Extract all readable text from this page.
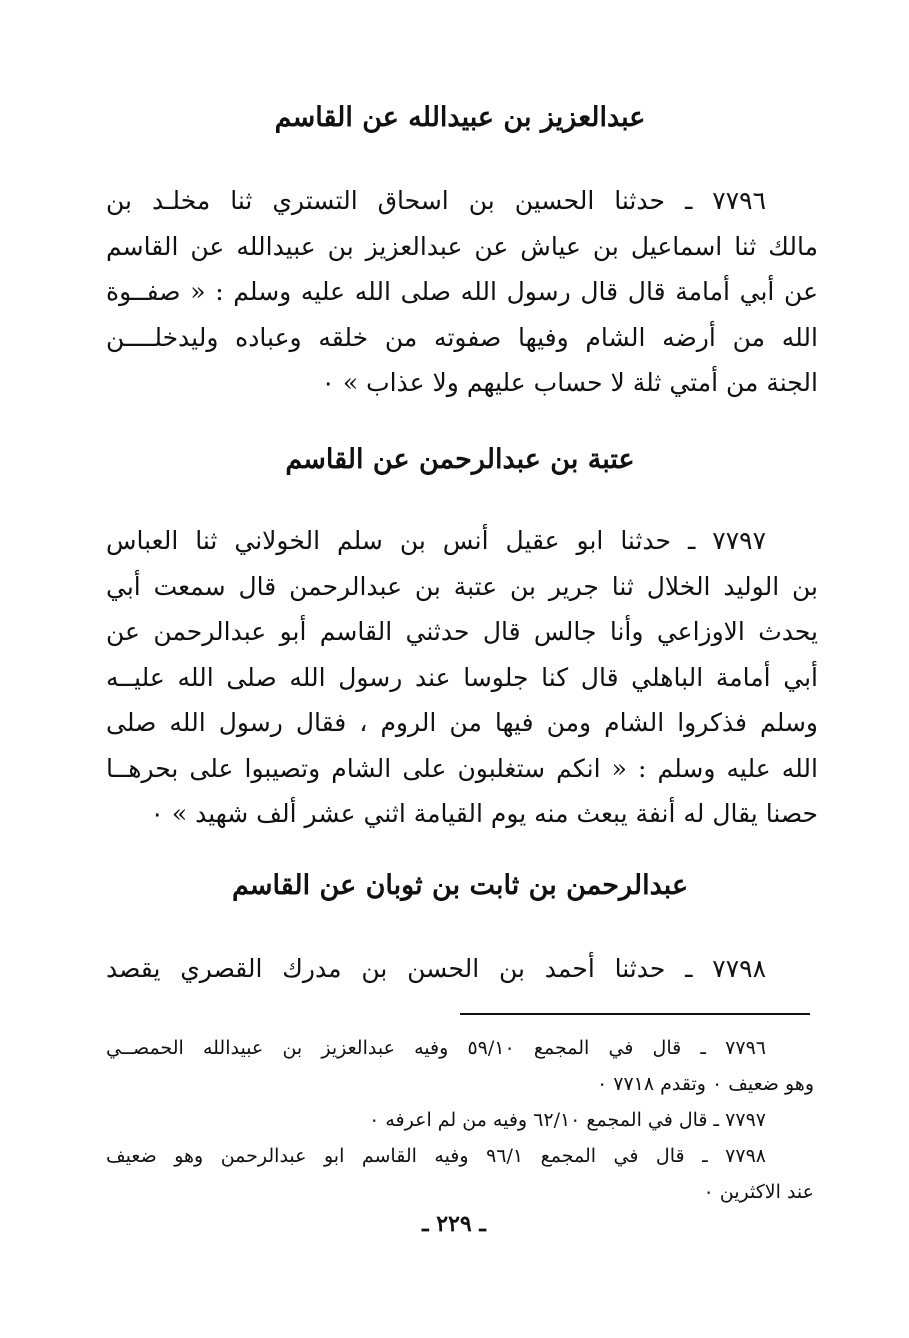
عبدالعزيز بن عبيدالله عن القاسم
٧٧٩٦ ـ حدثنا الحسين بن اسحاق التستري ثنا مخلـد بن
مالك ثنا اسماعيل بن عياش عن عبدالعزيز بن عبيدالله عن القاسم
عن أبي أمامة قال قال رسول الله صلى الله عليه وسلم : « صفــوة
الله من أرضه الشام وفيها صفوته من خلقه وعباده وليدخلــــن
الجنة من أمتي ثلة لا حساب عليهم ولا عذاب » ٠
عتبة بن عبدالرحمن عن القاسم
٧٧٩٧ ـ حدثنا ابو عقيل أنس بن سلم الخولاني ثنا العباس
بن الوليد الخلال ثنا جرير بن عتبة بن عبدالرحمن قال سمعت أبي
يحدث الاوزاعي وأنا جالس قال حدثني القاسم أبو عبدالرحمن عن
أبي أمامة الباهلي قال كنا جلوسا عند رسول الله صلى الله عليــه
وسلم فذكروا الشام ومن فيها من الروم ، فقال رسول الله صلى
الله عليه وسلم : « انكم ستغلبون على الشام وتصيبوا على بحرهــا
حصنا يقال له أنفة يبعث منه يوم القيامة اثني عشر ألف شهيد » ٠
عبدالرحمن بن ثابت بن ثوبان عن القاسم
٧٧٩٨ ـ حدثنا أحمد بن الحسن بن مدرك القصري يقصد
٧٧٩٦ ـ قال في المجمع ٥٩/١٠ وفيه عبدالعزيز بن عبيدالله الحمصــي
وهو ضعيف ٠ وتقدم ٧٧١٨ ٠
٧٧٩٧ ـ قال في المجمع ٦٢/١٠ وفيه من لم اعرفه ٠
٧٧٩٨ ـ قال في المجمع ٩٦/١ وفيه القاسم ابو عبدالرحمن وهو ضعيف
عند الاكثرين ٠
ـ ٢٢٩ ـ
